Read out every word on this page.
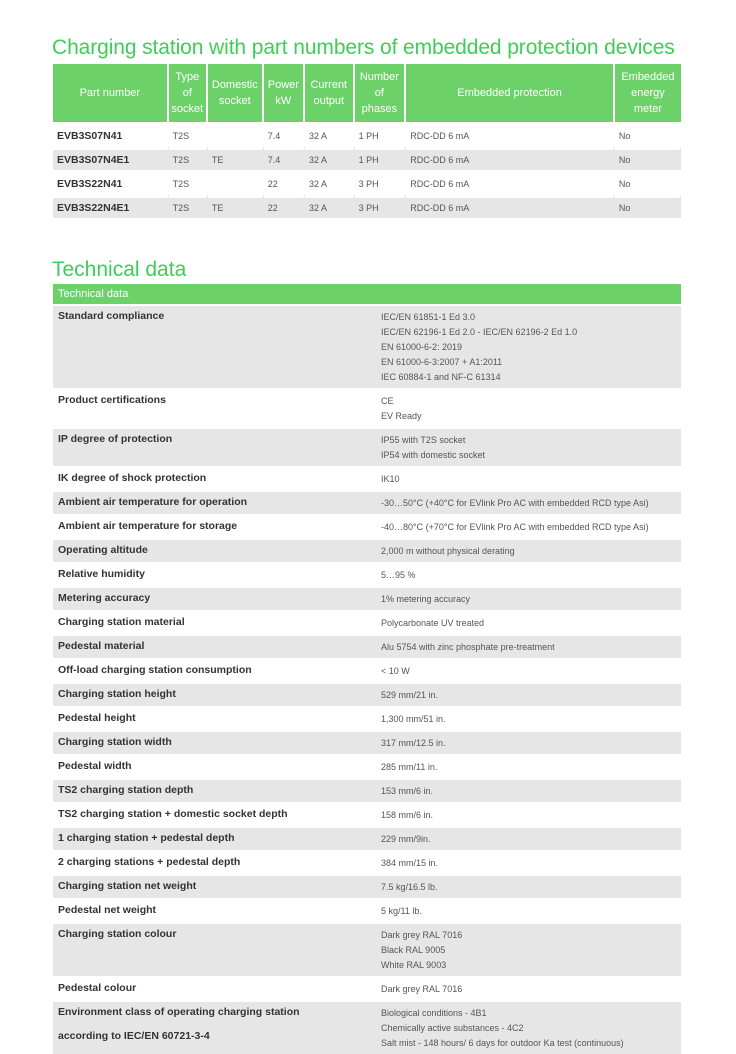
Charging station with part numbers of embedded protection devices
Part number	Type of socket	Domestic socket	Power kW	Current output	Number of phases	Embedded protection	Embedded energy meter
EVB3S07N41	T2S		7.4	32 A	1 PH	RDC-DD 6 mA	No
EVB3S07N4E1	T2S	TE	7.4	32 A	1 PH	RDC-DD 6 mA	No
EVB3S22N41	T2S		22	32 A	3 PH	RDC-DD 6 mA	No
EVB3S22N4E1	T2S	TE	22	32 A	3 PH	RDC-DD 6 mA	No
Technical data
Technical data	

Standard compliance	IEC/EN 61851-1 Ed 3.0
IEC/EN 62196-1 Ed 2.0 - IEC/EN 62196-2 Ed 1.0
EN 61000-6-2: 2019
EN 61000-6-3:2007 + A1:2011
IEC 60884-1 and NF-C 61314

Product certifications	CE
EV Ready

IP degree of protection	IP55 with T2S socket
IP54 with domestic socket

IK degree of shock protection	IK10

Ambient air temperature for operation	-30…50°C (+40°C for EVlink Pro AC with embedded RCD type Asi)

Ambient air temperature for storage	-40…80°C (+70°C for EVlink Pro AC with embedded RCD type Asi)

Operating altitude	2,000 m without physical derating

Relative humidity	5…95 %

Metering accuracy	1% metering accuracy

Charging station material	Polycarbonate UV treated

Pedestal material	Alu 5754 with zinc phosphate pre-treatment

Off-load charging station consumption	< 10 W

Charging station height	529 mm/21 in.

Pedestal height	1,300 mm/51 in.

Charging station width	317 mm/12.5 in.

Pedestal width	285 mm/11 in.

TS2 charging station depth	153 mm/6 in.

TS2 charging station + domestic socket depth	158 mm/6 in.

1 charging station + pedestal depth	229 mm/9in.

2 charging stations + pedestal depth	384 mm/15 in.

Charging station net weight	7.5 kg/16.5 lb.

Pedestal net weight	5 kg/11 lb.

Charging station colour	Dark grey RAL 7016
Black RAL 9005
White RAL 9003

Pedestal colour	Dark grey RAL 7016

Environment class of operating charging station
according to IEC/EN 60721-3-4	Biological conditions - 4B1
Chemically active substances - 4C2
Salt mist - 148 hours/ 6 days for outdoor Ka test (continuous)
